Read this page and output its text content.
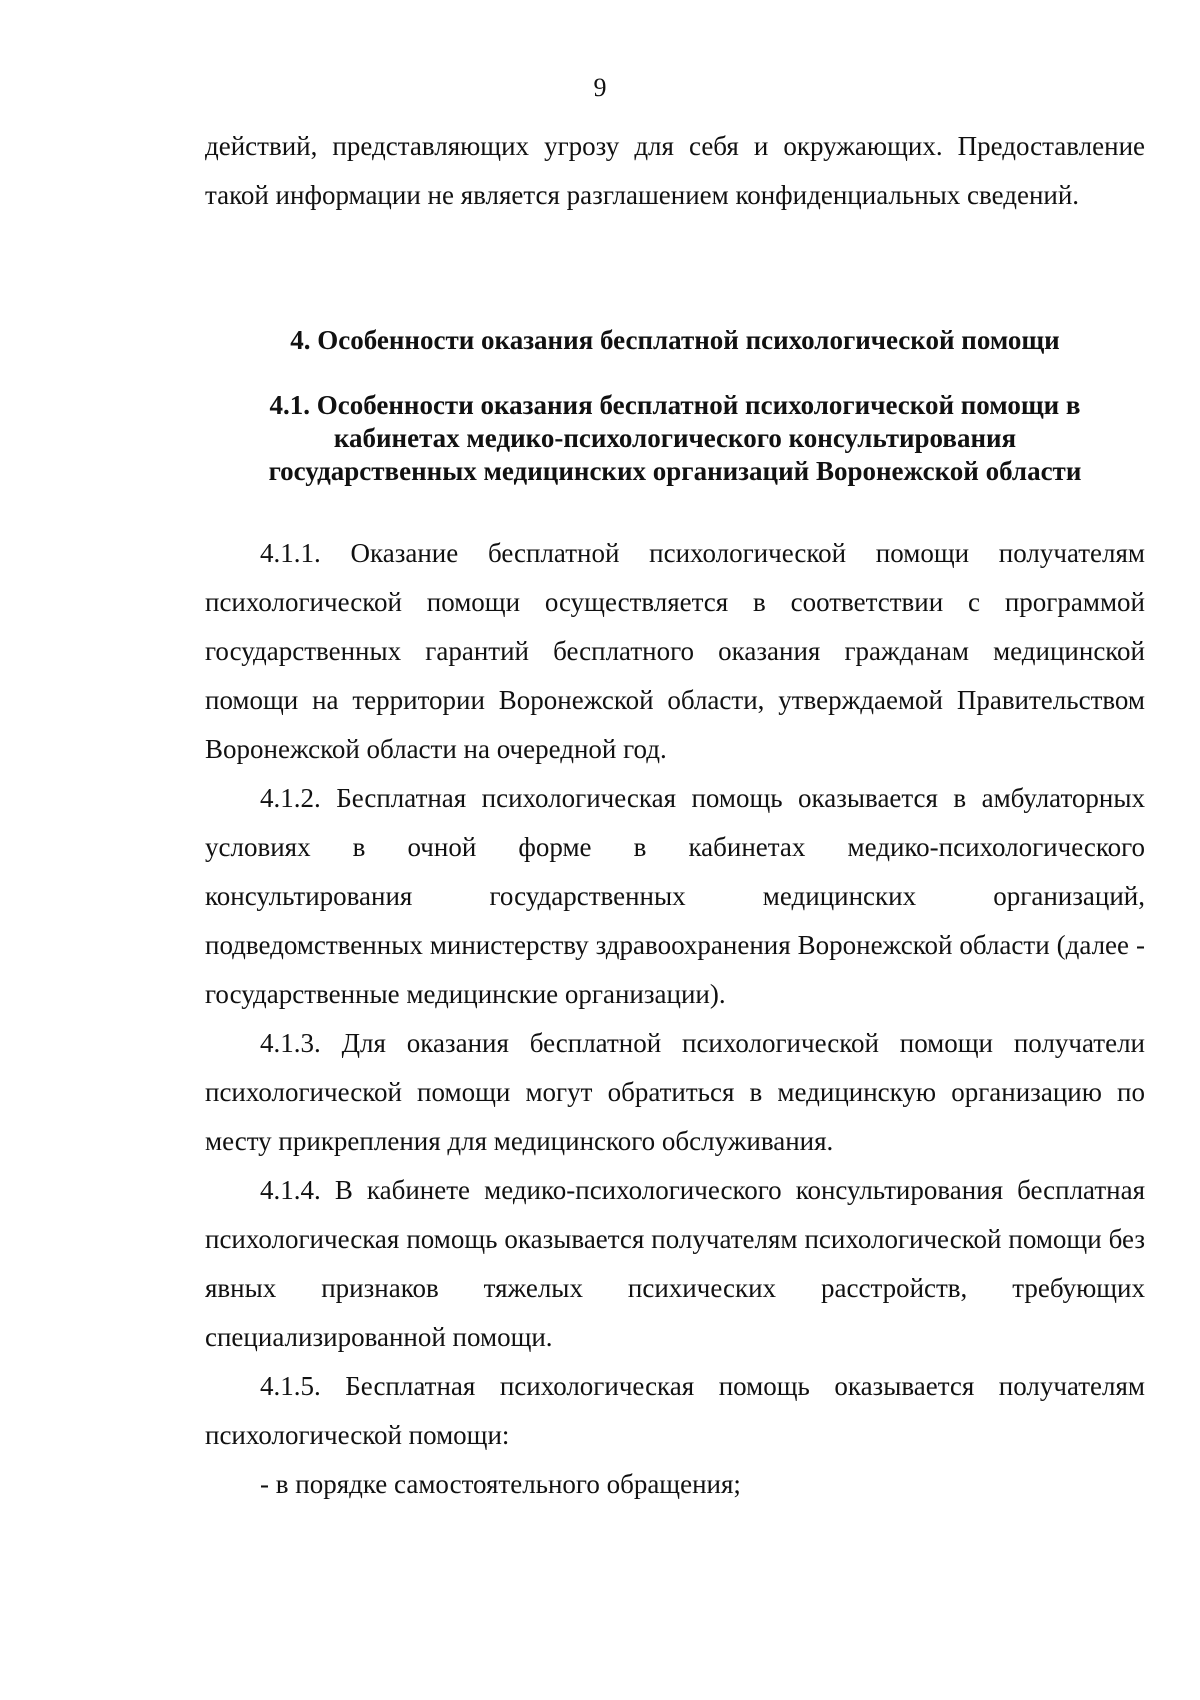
9

действий, представляющих угрозу для себя и окружающих. Предоставление такой информации не является разглашением конфиденциальных сведений.

4. Особенности оказания бесплатной психологической помощи
4.1. Особенности оказания бесплатной психологической помощи в
кабинетах медико-психологического консультирования
государственных медицинских организаций Воронежской области

4.1.1. Оказание бесплатной психологической помощи получателям психологической помощи осуществляется в соответствии с программой государственных гарантий бесплатного оказания гражданам медицинской помощи на территории Воронежской области, утверждаемой Правительством Воронежской области на очередной год.

4.1.2. Бесплатная психологическая помощь оказывается в амбулаторных условиях в очной форме в кабинетах медико-психологического консультирования государственных медицинских организаций, подведомственных министерству здравоохранения Воронежской области (далее - государственные медицинские организации).

4.1.3. Для оказания бесплатной психологической помощи получатели психологической помощи могут обратиться в медицинскую организацию по месту прикрепления для медицинского обслуживания.

4.1.4. В кабинете медико-психологического консультирования бесплатная психологическая помощь оказывается получателям психологической помощи без явных признаков тяжелых психических расстройств, требующих специализированной помощи.

4.1.5. Бесплатная психологическая помощь оказывается получателям психологической помощи:

- в порядке самостоятельного обращения;
